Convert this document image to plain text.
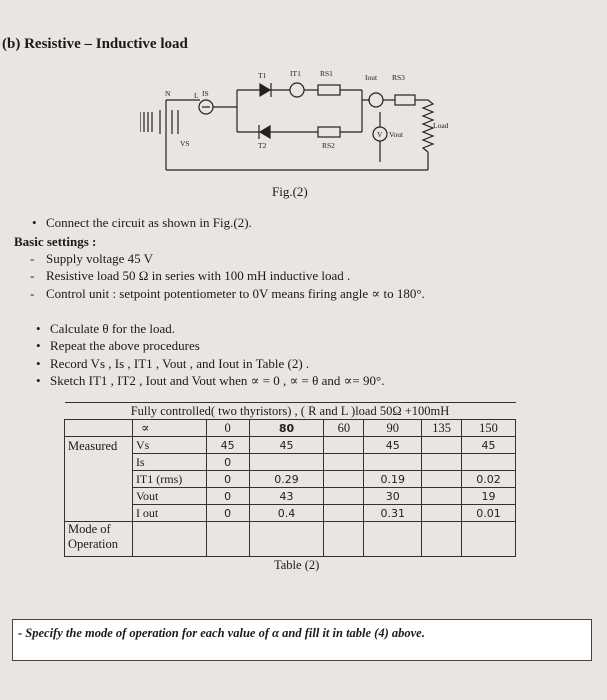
(b) Resistive – Inductive load
T1	IT1	RS1	Iout RS3
N	L IS
VS	T2	RS2
V Vout
Load
Fig.(2)
• Connect the circuit as shown in Fig.(2).
Basic settings :
- Supply voltage 45 V
- Resistive load 50 Ω in series with 100 mH inductive load .
- Control unit : setpoint potentiometer to 0V means firing angle ∝ to 180°.
• Calculate θ for the load.
• Repeat the above procedures
• Record Vs , Is , IT1 , Vout , and Iout in Table (2) .
• Sketch IT1 , IT2 , Iout and Vout when ∝ = 0 , ∝ = θ and ∝= 90°.
Fully controlled( two thyristors) , ( R and L )load 50Ω +100mH							
	∝	0	80	60	90	135	150
Measured	Vs	45	45		45		45
	Is	0					
	IT1 (rms)	0	0.29		0.19		0.02
	Vout	0	43		30		19
	I out	0	0.4		0.31		0.01
Mode of Operation							
Table (2)
- Specify the mode of operation for each value of α and fill it in table (4) above.
